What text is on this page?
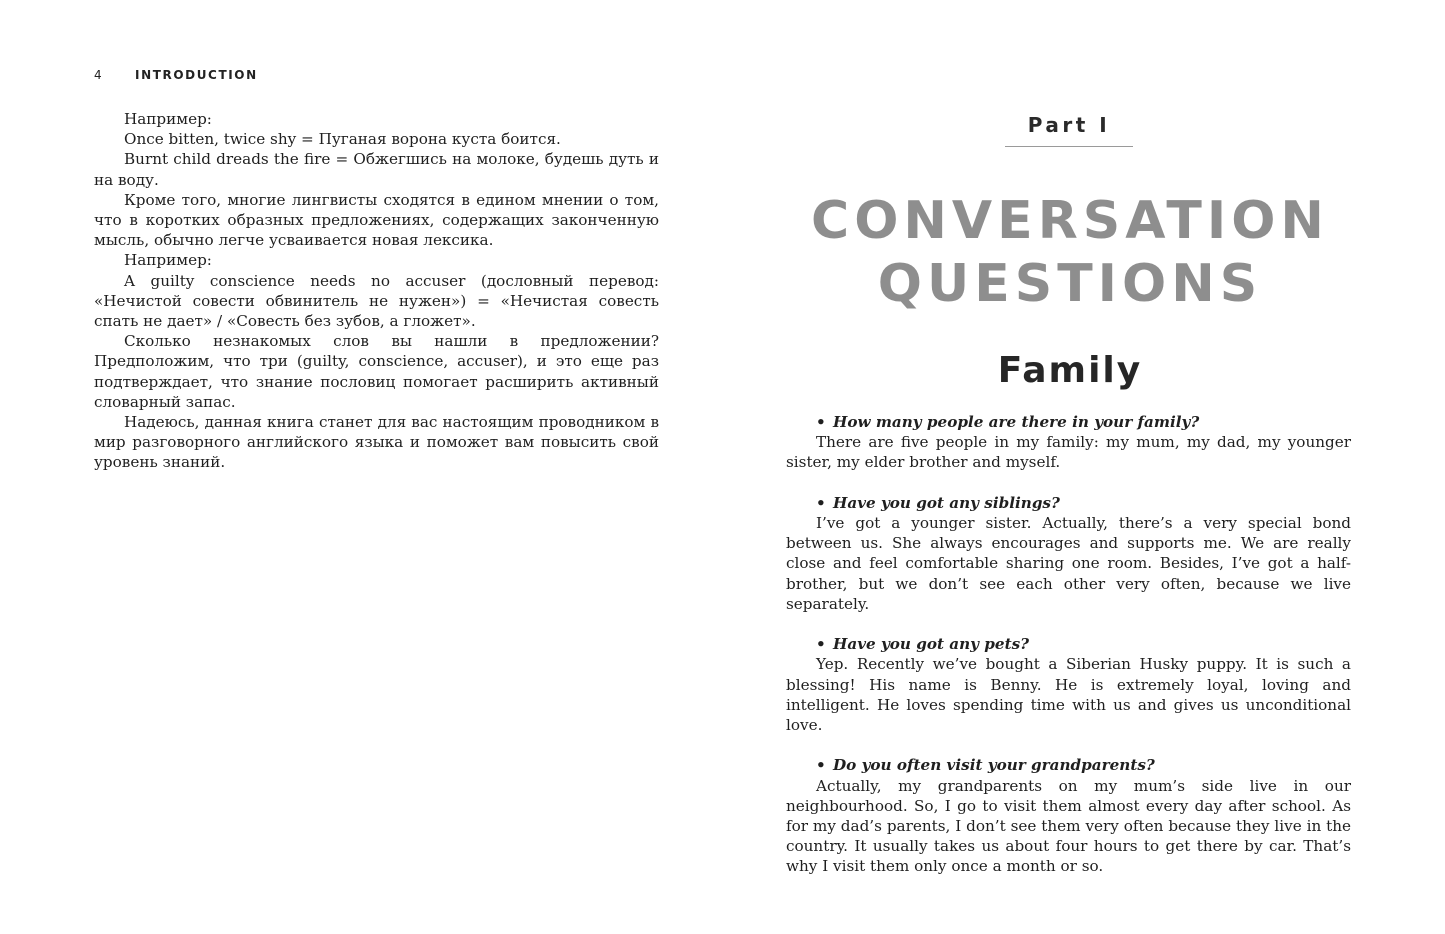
4	INTRODUCTION

Например:

Once bitten, twice shy = Пуганая ворона куста боится.

Burnt child dreads the fire = Обжегшись на молоке, будешь дуть и на воду.

Кроме того, многие лингвисты сходятся в едином мнении о том, что в коротких образных предложениях, содержащих законченную мысль, обычно легче усваивается новая лексика.

Например:

A guilty conscience needs no accuser (дословный перевод: «Нечистой совести обвинитель не нужен») = «Нечистая совесть спать не дает» / «Совесть без зубов, а гложет».

Сколько незнакомых слов вы нашли в предложении? Предположим, что три (guilty, conscience, accuser), и это еще раз подтверждает, что знание пословиц помогает расширить активный словарный запас.

Надеюсь, данная книга станет для вас настоящим проводником в мир разговорного английского языка и поможет вам повысить свой уровень знаний.

Part I
CONVERSATION
QUESTIONS
Family

• How many people are there in your family?

There are five people in my family: my mum, my dad, my younger sister, my elder brother and myself.

• Have you got any siblings?

I’ve got a younger sister. Actually, there’s a very special bond between us. She always encourages and supports me. We are really close and feel comfortable sharing one room. Besides, I’ve got a half-brother, but we don’t see each other very often, because we live separately.

• Have you got any pets?

Yep. Recently we’ve bought a Siberian Husky puppy. It is such a blessing! His name is Benny. He is extremely loyal, loving and intelligent. He loves spending time with us and gives us unconditional love.

• Do you often visit your grandparents?

Actually, my grandparents on my mum’s side live in our neighbourhood. So, I go to visit them almost every day after school. As for my dad’s parents, I don’t see them very often because they live in the country. It usually takes us about four hours to get there by car. That’s why I visit them only once a month or so.
